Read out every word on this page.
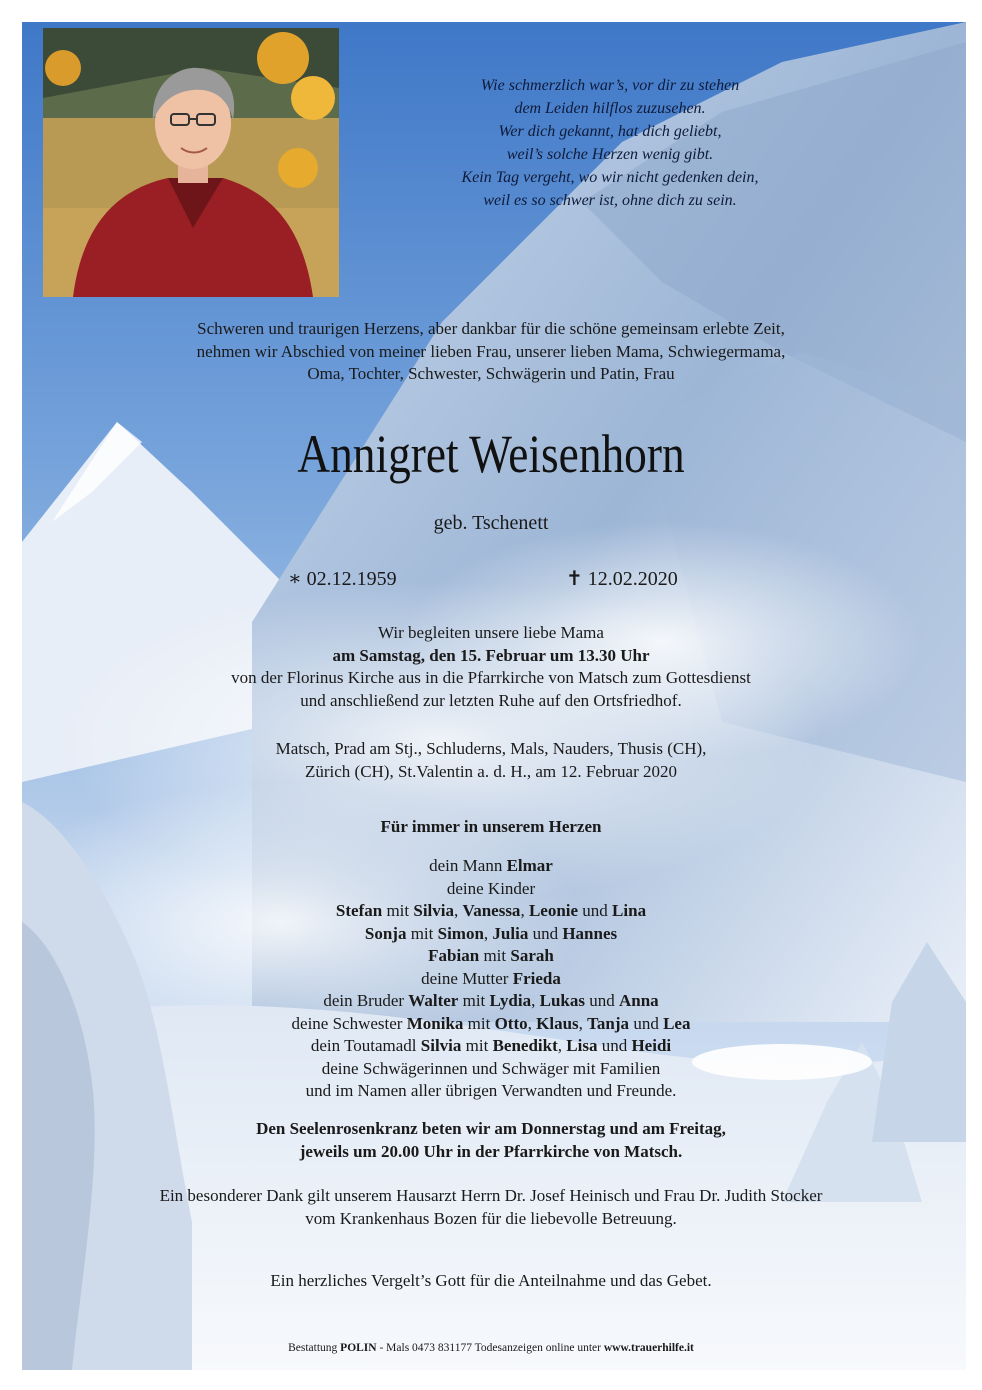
Wie schmerzlich war’s, vor dir zu stehen
dem Leiden hilflos zuzusehen.
Wer dich gekannt, hat dich geliebt,
weil’s solche Herzen wenig gibt.
Kein Tag vergeht, wo wir nicht gedenken dein,
weil es so schwer ist, ohne dich zu sein.
Schweren und traurigen Herzens, aber dankbar für die schöne gemeinsam erlebte Zeit,
nehmen wir Abschied von meiner lieben Frau, unserer lieben Mama, Schwiegermama,
Oma, Tochter, Schwester, Schwägerin und Patin, Frau
Annigret Weisenhorn
geb. Tschenett
∗ 02.12.1959	✝ 12.02.2020
Wir begleiten unsere liebe Mama
am Samstag, den 15. Februar um 13.30 Uhr
von der Florinus Kirche aus in die Pfarrkirche von Matsch zum Gottesdienst
und anschließend zur letzten Ruhe auf den Ortsfriedhof.
Matsch, Prad am Stj., Schluderns, Mals, Nauders, Thusis (CH),
Zürich (CH), St.Valentin a. d. H., am 12. Februar 2020
Für immer in unserem Herzen
dein Mann Elmar
deine Kinder
Stefan mit Silvia, Vanessa, Leonie und Lina
Sonja mit Simon, Julia und Hannes
Fabian mit Sarah
deine Mutter Frieda
dein Bruder Walter mit Lydia, Lukas und Anna
deine Schwester Monika mit Otto, Klaus, Tanja und Lea
dein Toutamadl Silvia mit Benedikt, Lisa und Heidi
deine Schwägerinnen und Schwäger mit Familien
und im Namen aller übrigen Verwandten und Freunde.
Den Seelenrosenkranz beten wir am Donnerstag und am Freitag,
jeweils um 20.00 Uhr in der Pfarrkirche von Matsch.
Ein besonderer Dank gilt unserem Hausarzt Herrn Dr. Josef Heinisch und Frau Dr. Judith Stocker
vom Krankenhaus Bozen für die liebevolle Betreuung.
Ein herzliches Vergelt’s Gott für die Anteilnahme und das Gebet.
Bestattung POLIN - Mals 0473 831177 Todesanzeigen online unter www.trauerhilfe.it
